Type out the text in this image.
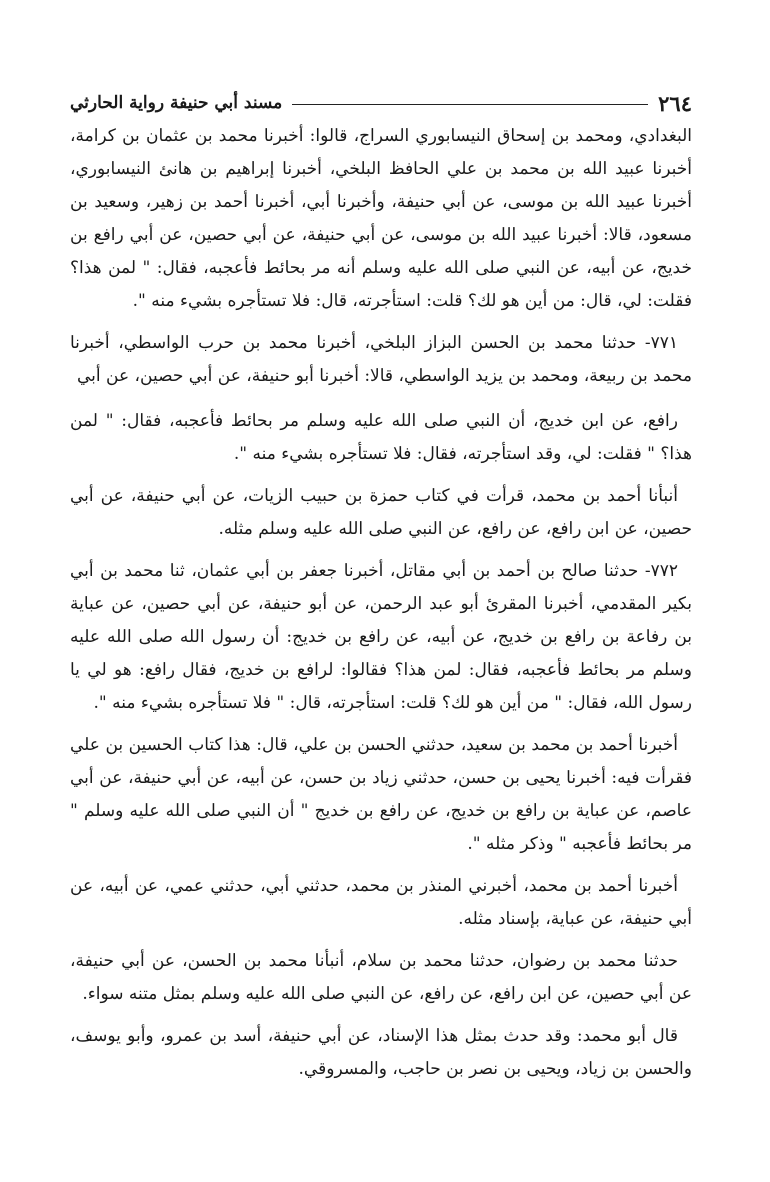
٢٦٤
مسند أبي حنيفة رواية الحارثي

البغدادي، ومحمد بن إسحاق النيسابوري السراج، قالوا: أخبرنا محمد بن عثمان بن كرامة، أخبرنا عبيد الله بن محمد بن علي الحافظ البلخي، أخبرنا إبراهيم بن هانئ النيسابوري، أخبرنا عبيد الله بن موسى، عن أبي حنيفة، وأخبرنا أبي، أخبرنا أحمد بن زهير، وسعيد بن مسعود، قالا: أخبرنا عبيد الله بن موسى، عن أبي حنيفة، عن أبي حصين، عن أبي رافع بن خديج، عن أبيه، عن النبي صلى الله عليه وسلم أنه مر بحائط فأعجبه، فقال: " لمن هذا؟ فقلت: لي، قال: من أين هو لك؟ قلت: استأجرته، قال: فلا تستأجره بشيء منه ".

٧٧١- حدثنا محمد بن الحسن البزاز البلخي، أخبرنا محمد بن حرب الواسطي، أخبرنا محمد بن ربيعة، ومحمد بن يزيد الواسطي، قالا: أخبرنا أبو حنيفة، عن أبي حصين، عن أبي

رافع، عن ابن خديج، أن النبي صلى الله عليه وسلم مر بحائط فأعجبه، فقال: " لمن هذا؟ " فقلت: لي، وقد استأجرته، فقال: فلا تستأجره بشيء منه ".

أنبأنا أحمد بن محمد، قرأت في كتاب حمزة بن حبيب الزيات، عن أبي حنيفة، عن أبي حصين، عن ابن رافع، عن رافع، عن النبي صلى الله عليه وسلم مثله.

٧٧٢- حدثنا صالح بن أحمد بن أبي مقاتل، أخبرنا جعفر بن أبي عثمان، ثنا محمد بن أبي بكير المقدمي، أخبرنا المقرئ أبو عبد الرحمن، عن أبو حنيفة، عن أبي حصين، عن عباية بن رفاعة بن رافع بن خديج، عن أبيه، عن رافع بن خديج: أن رسول الله صلى الله عليه وسلم مر بحائط فأعجبه، فقال: لمن هذا؟ فقالوا: لرافع بن خديج، فقال رافع: هو لي يا رسول الله، فقال: " من أين هو لك؟ قلت: استأجرته، قال: " فلا تستأجره بشيء منه ".

أخبرنا أحمد بن محمد بن سعيد، حدثني الحسن بن علي، قال: هذا كتاب الحسين بن علي فقرأت فيه: أخبرنا يحيى بن حسن، حدثني زياد بن حسن، عن أبيه، عن أبي حنيفة، عن أبي عاصم، عن عباية بن رافع بن خديج، عن رافع بن خديج " أن النبي صلى الله عليه وسلم " مر بحائط فأعجبه " وذكر مثله ".

أخبرنا أحمد بن محمد، أخبرني المنذر بن محمد، حدثني أبي، حدثني عمي، عن أبيه، عن أبي حنيفة، عن عباية، بإسناد مثله.

حدثنا محمد بن رضوان، حدثنا محمد بن سلام، أنبأنا محمد بن الحسن، عن أبي حنيفة، عن أبي حصين، عن ابن رافع، عن رافع، عن النبي صلى الله عليه وسلم بمثل متنه سواء.

قال أبو محمد: وقد حدث بمثل هذا الإسناد، عن أبي حنيفة، أسد بن عمرو، وأبو يوسف، والحسن بن زياد، ويحيى بن نصر بن حاجب، والمسروقي.
